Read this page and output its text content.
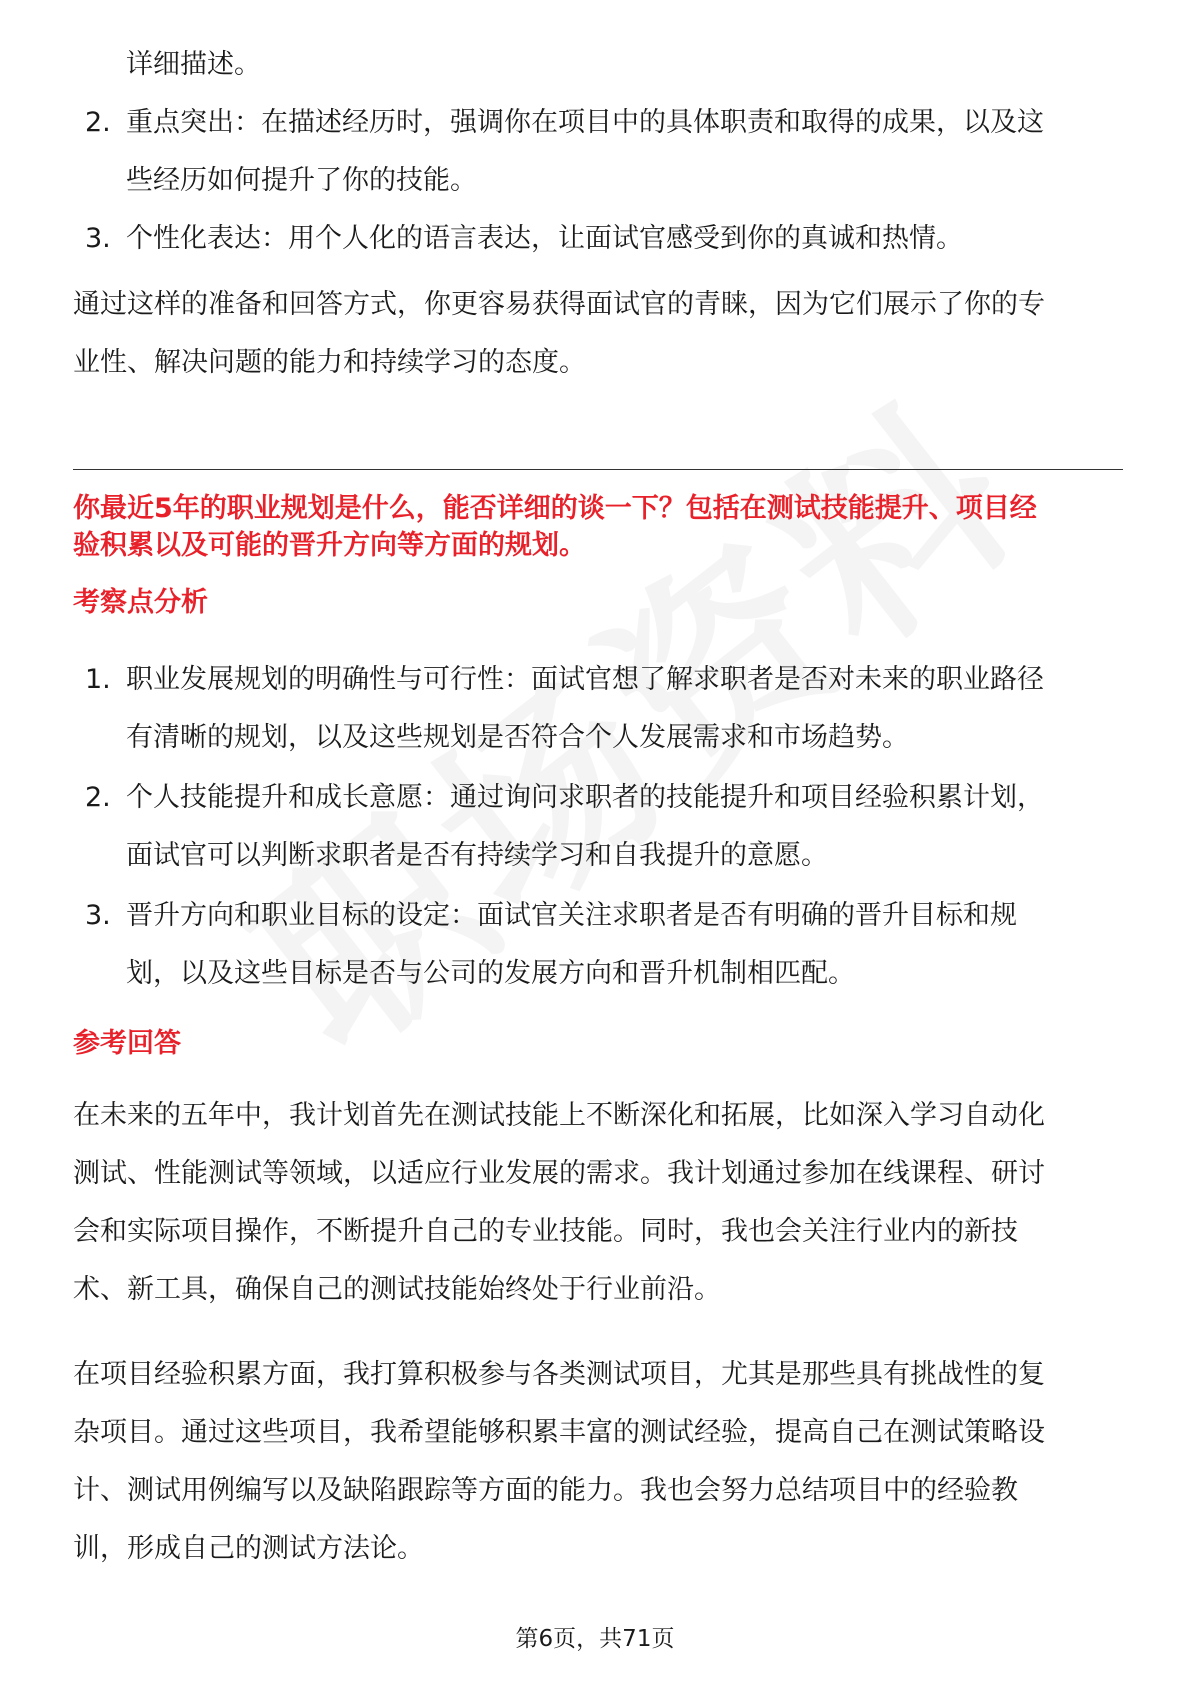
详细描述。
2. 重点突出：在描述经历时，强调你在项目中的具体职责和取得的成果，以及这
些经历如何提升了你的技能。
3. 个性化表达：用个人化的语言表达，让面试官感受到你的真诚和热情。
通过这样的准备和回答方式，你更容易获得面试官的青睐，因为它们展示了你的专
业性、解决问题的能力和持续学习的态度。
你最近5年的职业规划是什么，能否详细的谈一下？包括在测试技能提升、项目经
验积累以及可能的晋升方向等方面的规划。
考察点分析
1. 职业发展规划的明确性与可行性：面试官想了解求职者是否对未来的职业路径
有清晰的规划，以及这些规划是否符合个人发展需求和市场趋势。
2. 个人技能提升和成长意愿：通过询问求职者的技能提升和项目经验积累计划，
面试官可以判断求职者是否有持续学习和自我提升的意愿。
3. 晋升方向和职业目标的设定：面试官关注求职者是否有明确的晋升目标和规
划，以及这些目标是否与公司的发展方向和晋升机制相匹配。
参考回答
在未来的五年中，我计划首先在测试技能上不断深化和拓展，比如深入学习自动化
测试、性能测试等领域，以适应行业发展的需求。我计划通过参加在线课程、研讨
会和实际项目操作，不断提升自己的专业技能。同时，我也会关注行业内的新技
术、新工具，确保自己的测试技能始终处于行业前沿。
在项目经验积累方面，我打算积极参与各类测试项目，尤其是那些具有挑战性的复
杂项目。通过这些项目，我希望能够积累丰富的测试经验，提高自己在测试策略设
计、测试用例编写以及缺陷跟踪等方面的能力。我也会努力总结项目中的经验教
训，形成自己的测试方法论。
第6页，共71页
